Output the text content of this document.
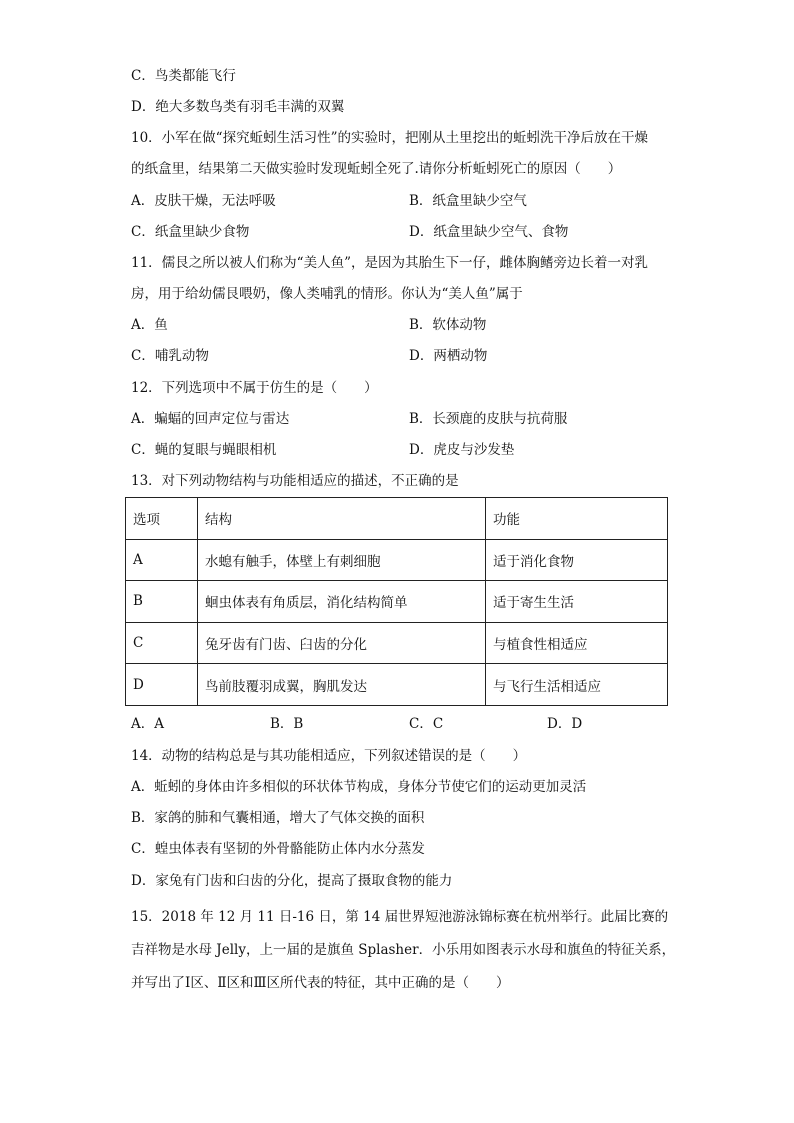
C．鸟类都能飞行
D．绝大多数鸟类有羽毛丰满的双翼
10．小军在做“探究蚯蚓生活习性”的实验时，把刚从土里挖出的蚯蚓洗干净后放在干燥
的纸盒里，结果第二天做实验时发现蚯蚓全死了.请你分析蚯蚓死亡的原因（　　）
A．皮肤干燥，无法呼吸	B．纸盒里缺少空气
C．纸盒里缺少食物	D．纸盒里缺少空气、食物
11．儒艮之所以被人们称为“美人鱼”，是因为其胎生下一仔，雌体胸鳍旁边长着一对乳
房，用于给幼儒艮喂奶，像人类哺乳的情形。你认为“美人鱼”属于
A．鱼	B．软体动物
C．哺乳动物	D．两栖动物
12．下列选项中不属于仿生的是（　　）
A．蝙蝠的回声定位与雷达	B．长颈鹿的皮肤与抗荷服
C．蝇的复眼与蝇眼相机	D．虎皮与沙发垫
13．对下列动物结构与功能相适应的描述，不正确的是
选项	结构	功能
A	水螅有触手，体壁上有刺细胞	适于消化食物
B	蛔虫体表有角质层，消化结构简单	适于寄生生活
C	兔牙齿有门齿、臼齿的分化	与植食性相适应
D	鸟前肢覆羽成翼，胸肌发达	与飞行生活相适应
A．A	B．B	C．C	D．D
14．动物的结构总是与其功能相适应，下列叙述错误的是（　　）
A．蚯蚓的身体由许多相似的环状体节构成，身体分节使它们的运动更加灵活
B．家鸽的肺和气囊相通，增大了气体交换的面积
C．蝗虫体表有坚韧的外骨骼能防止体内水分蒸发
D．家兔有门齿和臼齿的分化，提高了摄取食物的能力
15．2018 年 12 月 11 日-16 日，第 14 届世界短池游泳锦标赛在杭州举行。此届比赛的
吉祥物是水母 Jelly，上一届的是旗鱼 Splasher．小乐用如图表示水母和旗鱼的特征关系，
并写出了Ⅰ区、Ⅱ区和Ⅲ区所代表的特征，其中正确的是（　　）
